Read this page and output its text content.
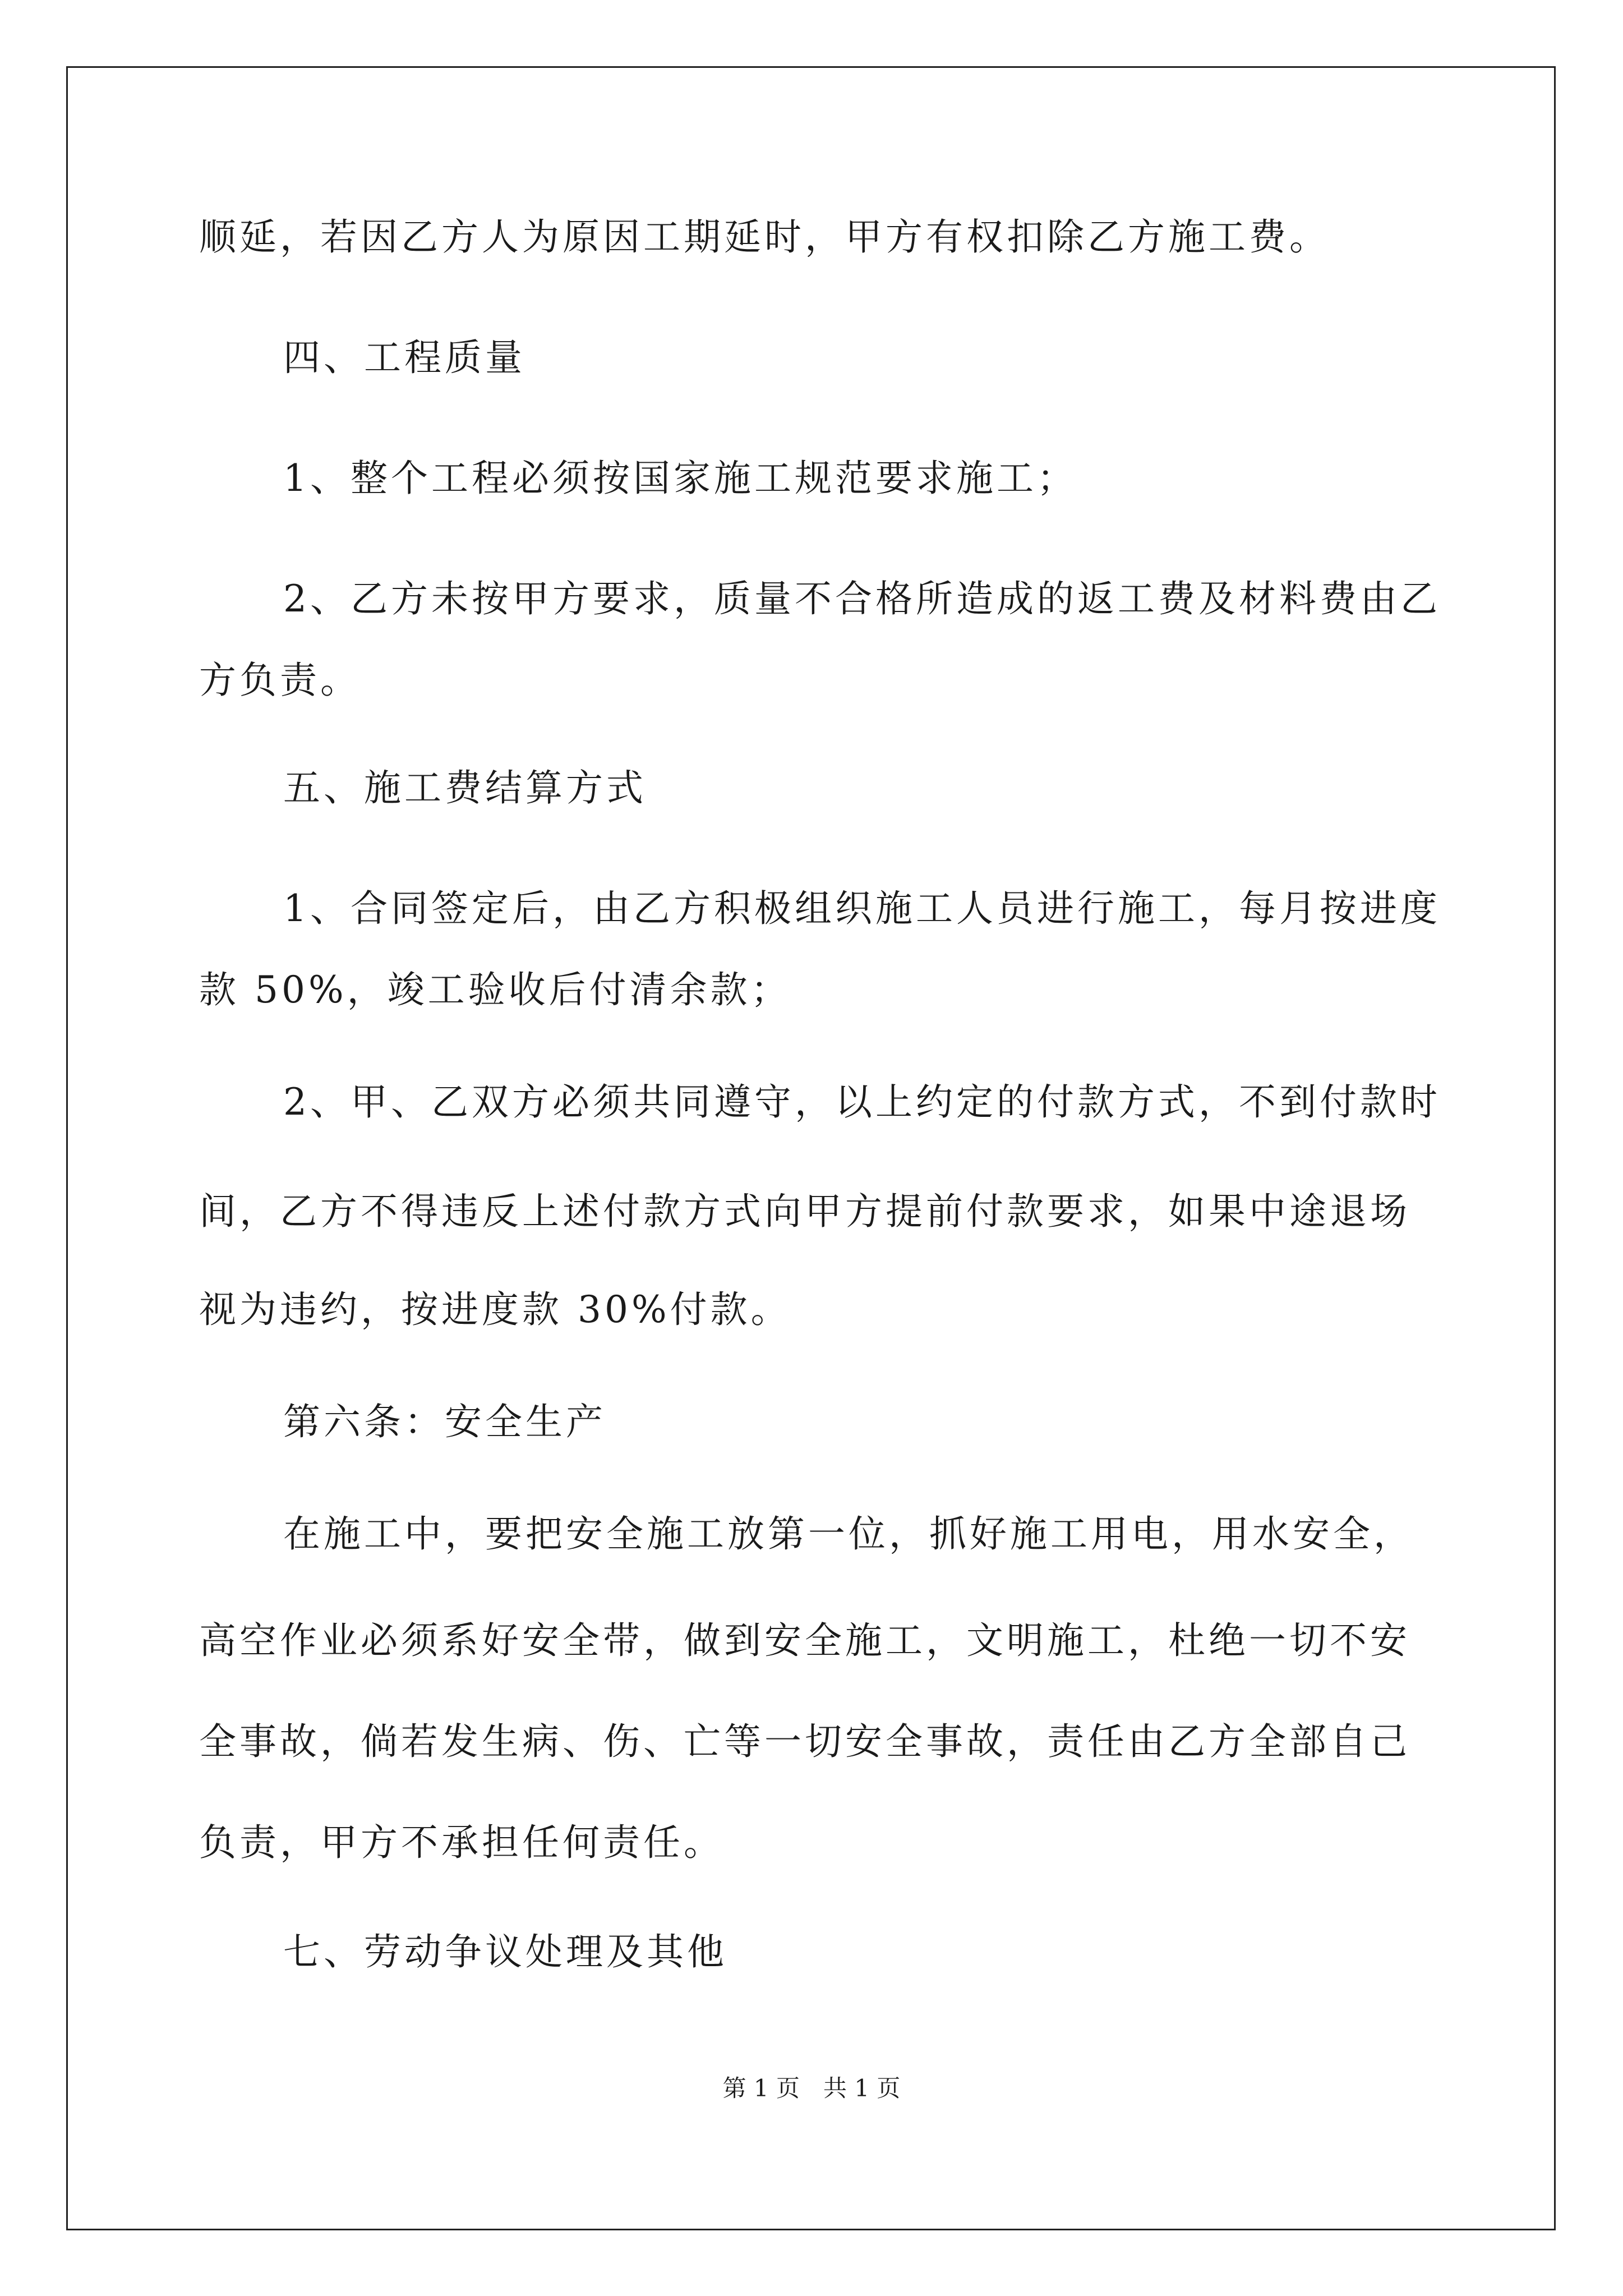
顺延，若因乙方人为原因工期延时，甲方有权扣除乙方施工费。
四、工程质量
1、整个工程必须按国家施工规范要求施工；
2、乙方未按甲方要求，质量不合格所造成的返工费及材料费由乙
方负责。
五、施工费结算方式
1、合同签定后，由乙方积极组织施工人员进行施工，每月按进度
款 50%，竣工验收后付清余款；
2、甲、乙双方必须共同遵守，以上约定的付款方式，不到付款时
间，乙方不得违反上述付款方式向甲方提前付款要求，如果中途退场
视为违约，按进度款 30%付款。
第六条：安全生产
在施工中，要把安全施工放第一位，抓好施工用电，用水安全，
高空作业必须系好安全带，做到安全施工，文明施工，杜绝一切不安
全事故，倘若发生病、伤、亡等一切安全事故，责任由乙方全部自己
负责，甲方不承担任何责任。
七、劳动争议处理及其他
第 1 页　共 1 页
